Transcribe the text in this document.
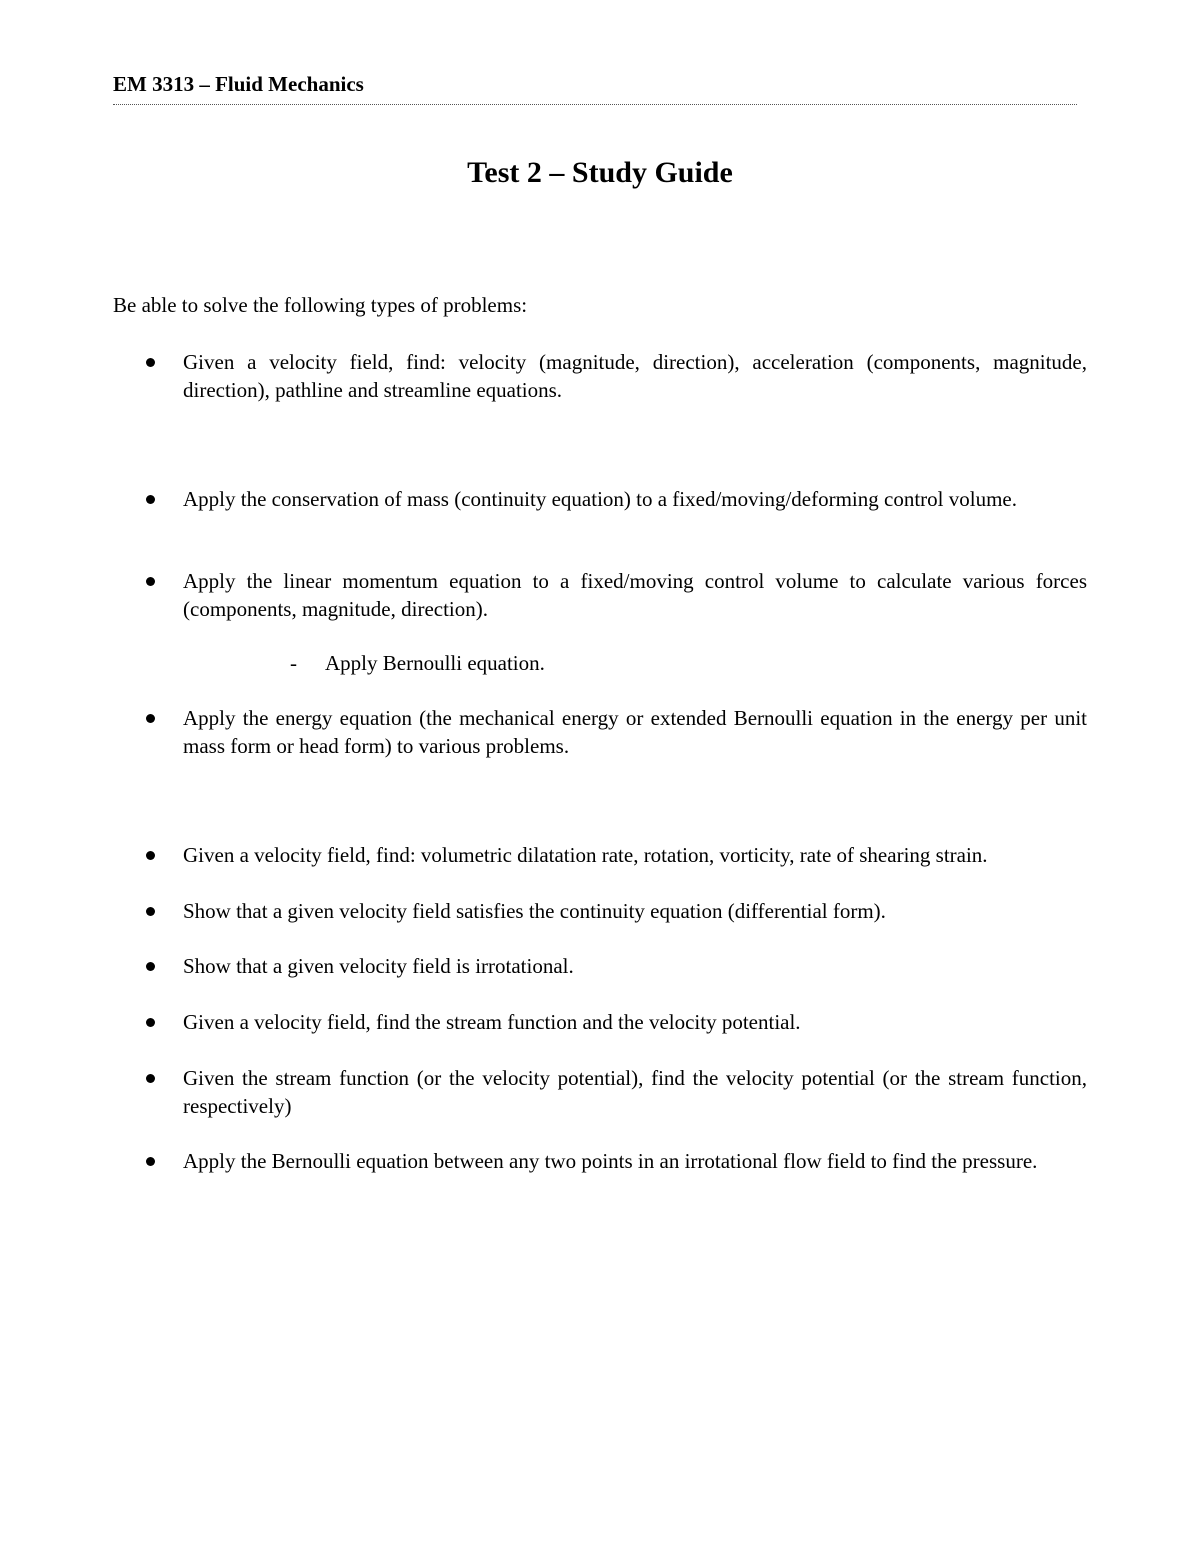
EM 3313 – Fluid Mechanics
Test 2 – Study Guide
Be able to solve the following types of problems:
Given a velocity field, find: velocity (magnitude, direction), acceleration (components, magnitude, direction), pathline and streamline equations.
Apply the conservation of mass (continuity equation) to a fixed/moving/deforming control volume.
Apply the linear momentum equation to a fixed/moving control volume to calculate various forces (components, magnitude, direction).
- Apply Bernoulli equation.
Apply the energy equation (the mechanical energy or extended Bernoulli equation in the energy per unit mass form or head form) to various problems.
Given a velocity field, find: volumetric dilatation rate, rotation, vorticity, rate of shearing strain.
Show that a given velocity field satisfies the continuity equation (differential form).
Show that a given velocity field is irrotational.
Given a velocity field, find the stream function and the velocity potential.
Given the stream function (or the velocity potential), find the velocity potential (or the stream function, respectively)
Apply the Bernoulli equation between any two points in an irrotational flow field to find the pressure.
